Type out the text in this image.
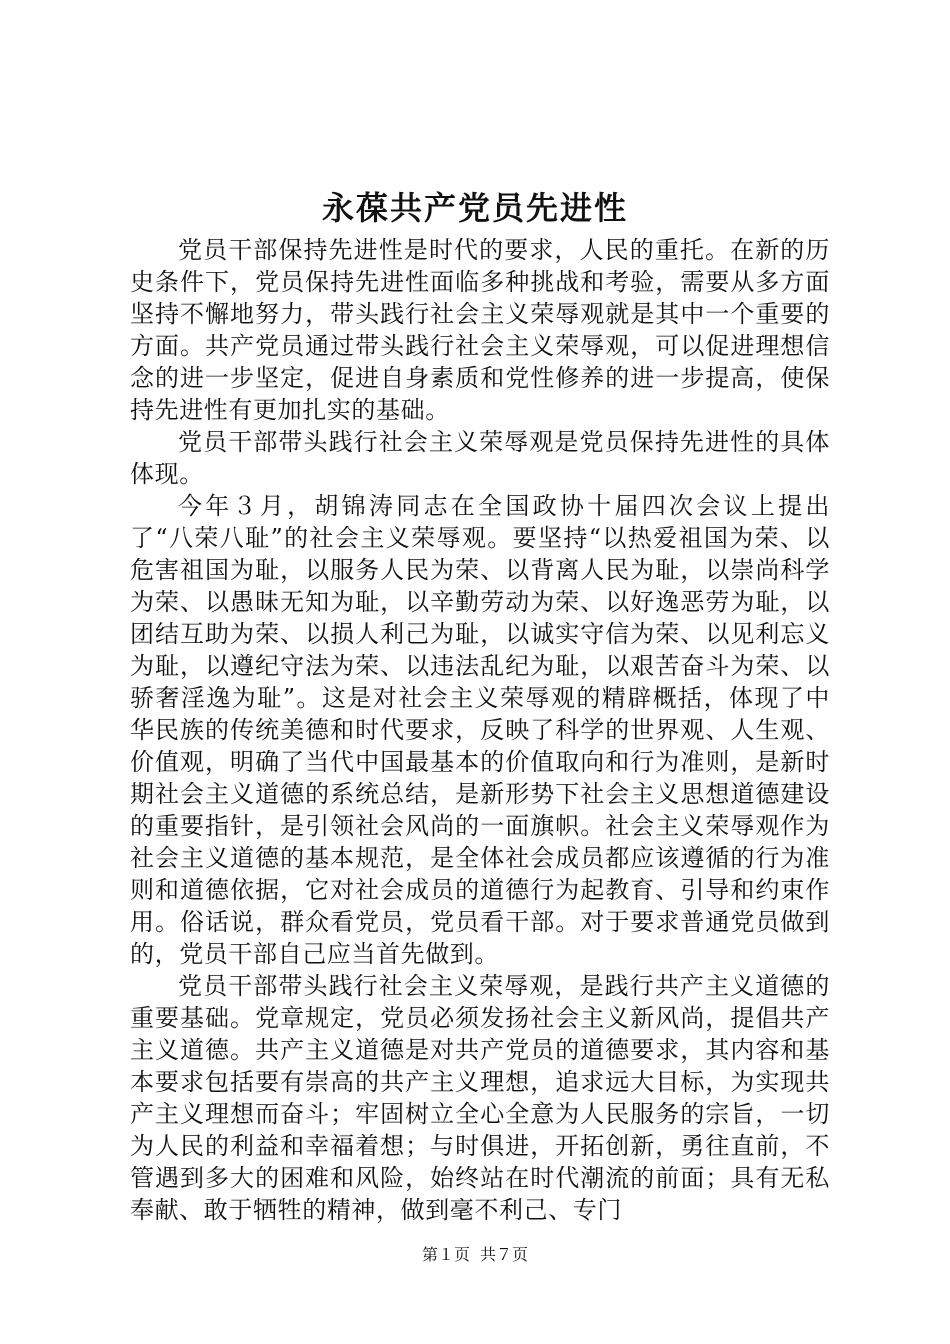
永葆共产党员先进性

党员干部保持先进性是时代的要求，人民的重托。在新的历史条件下，党员保持先进性面临多种挑战和考验，需要从多方面坚持不懈地努力，带头践行社会主义荣辱观就是其中一个重要的方面。共产党员通过带头践行社会主义荣辱观，可以促进理想信念的进一步坚定，促进自身素质和党性修养的进一步提高，使保持先进性有更加扎实的基础。

党员干部带头践行社会主义荣辱观是党员保持先进性的具体体现。

今年３月，胡锦涛同志在全国政协十届四次会议上提出了“八荣八耻”的社会主义荣辱观。要坚持“以热爱祖国为荣、以危害祖国为耻，以服务人民为荣、以背离人民为耻，以崇尚科学为荣、以愚昧无知为耻，以辛勤劳动为荣、以好逸恶劳为耻，以团结互助为荣、以损人利己为耻，以诚实守信为荣、以见利忘义为耻，以遵纪守法为荣、以违法乱纪为耻，以艰苦奋斗为荣、以骄奢淫逸为耻”。这是对社会主义荣辱观的精辟概括，体现了中华民族的传统美德和时代要求，反映了科学的世界观、人生观、价值观，明确了当代中国最基本的价值取向和行为准则，是新时期社会主义道德的系统总结，是新形势下社会主义思想道德建设的重要指针，是引领社会风尚的一面旗帜。社会主义荣辱观作为社会主义道德的基本规范，是全体社会成员都应该遵循的行为准则和道德依据，它对社会成员的道德行为起教育、引导和约束作用。俗话说，群众看党员，党员看干部。对于要求普通党员做到的，党员干部自己应当首先做到。

党员干部带头践行社会主义荣辱观，是践行共产主义道德的重要基础。党章规定，党员必须发扬社会主义新风尚，提倡共产主义道德。共产主义道德是对共产党员的道德要求，其内容和基本要求包括要有崇高的共产主义理想，追求远大目标，为实现共产主义理想而奋斗；牢固树立全心全意为人民服务的宗旨，一切为人民的利益和幸福着想；与时俱进，开拓创新，勇往直前，不管遇到多大的困难和风险，始终站在时代潮流的前面；具有无私奉献、敢于牺牲的精神，做到毫不利己、专门

第１页 共７页
